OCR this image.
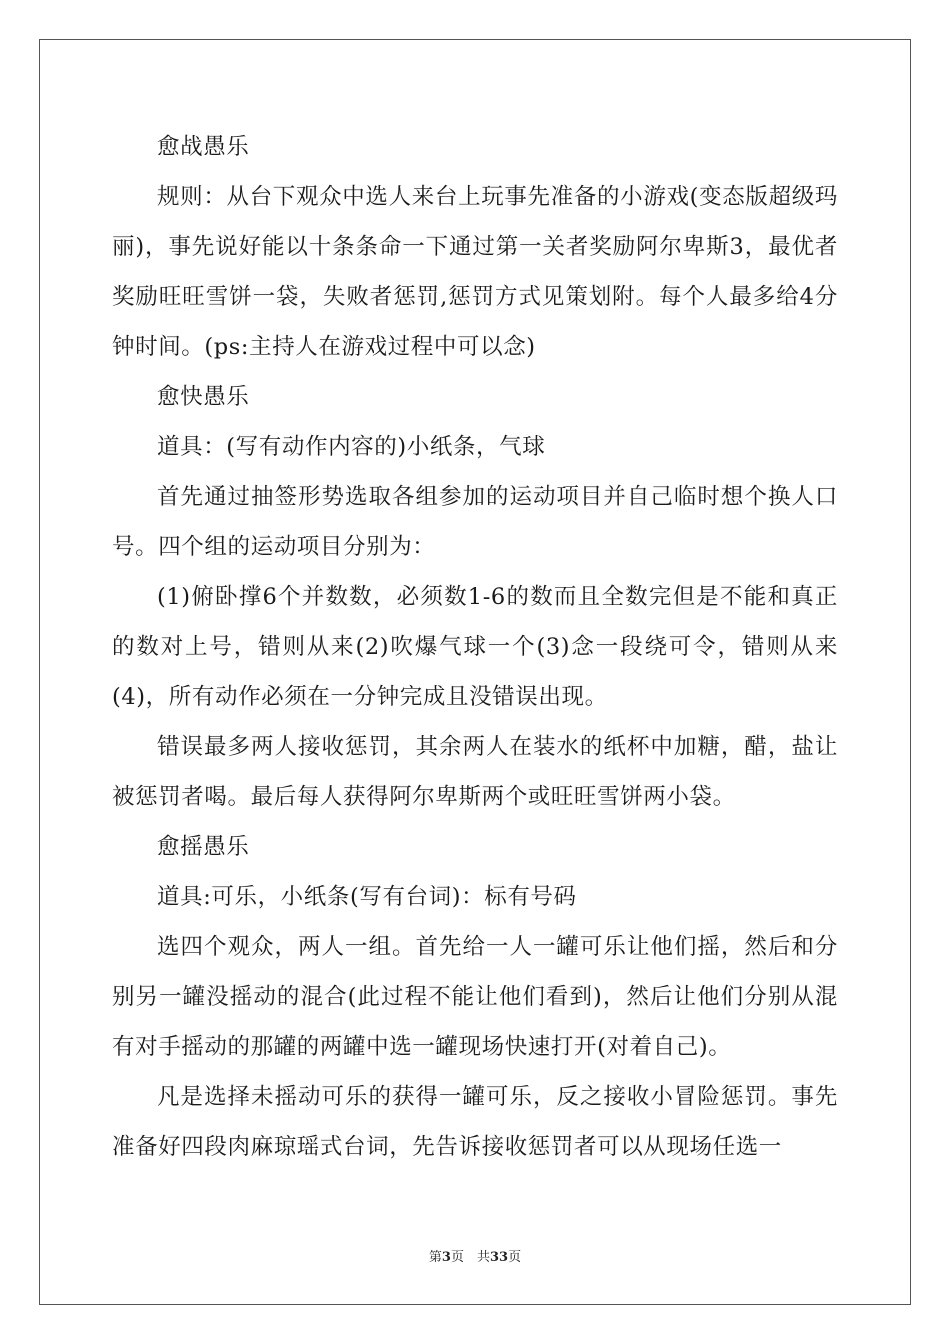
愈战愚乐

规则：从台下观众中选人来台上玩事先准备的小游戏(变态版超级玛丽)，事先说好能以十条条命一下通过第一关者奖励阿尔卑斯3，最优者奖励旺旺雪饼一袋，失败者惩罚,惩罚方式见策划附。每个人最多给4分钟时间。(ps:主持人在游戏过程中可以念)

愈快愚乐

道具：(写有动作内容的)小纸条，气球

首先通过抽签形势选取各组参加的运动项目并自己临时想个换人口号。四个组的运动项目分别为：

(1)俯卧撑6个并数数，必须数1-6的数而且全数完但是不能和真正的数对上号，错则从来(2)吹爆气球一个(3)念一段绕可令，错则从来(4)，所有动作必须在一分钟完成且没错误出现。

错误最多两人接收惩罚，其余两人在装水的纸杯中加糖，醋，盐让被惩罚者喝。最后每人获得阿尔卑斯两个或旺旺雪饼两小袋。

愈摇愚乐

道具:可乐，小纸条(写有台词)：标有号码

选四个观众，两人一组。首先给一人一罐可乐让他们摇，然后和分别另一罐没摇动的混合(此过程不能让他们看到)，然后让他们分别从混有对手摇动的那罐的两罐中选一罐现场快速打开(对着自己)。

凡是选择未摇动可乐的获得一罐可乐，反之接收小冒险惩罚。事先准备好四段肉麻琼瑶式台词，先告诉接收惩罚者可以从现场任选一

第3页　共33页
